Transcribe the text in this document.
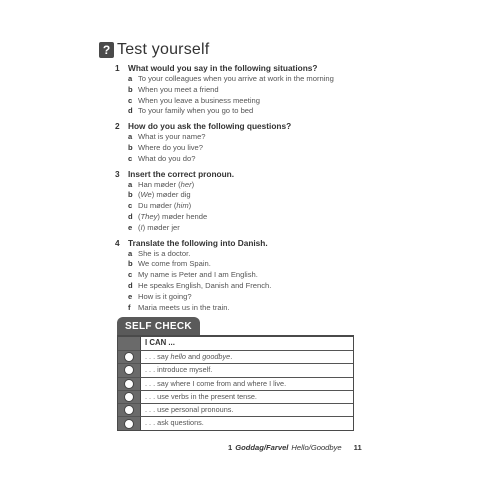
? Test yourself
1	What would you say in the following situations?
a To your colleagues when you arrive at work in the morning
b When you meet a friend
c When you leave a business meeting
d To your family when you go to bed
2	How do you ask the following questions?
a What is your name?
b Where do you live?
c What do you do?
3	Insert the correct pronoun.
a Han møder (her)
b (We) møder dig
c Du møder (him)
d (They) møder hende
e (I) møder jer
4	Translate the following into Danish.
a She is a doctor.
b We come from Spain.
c My name is Peter and I am English.
d He speaks English, Danish and French.
e How is it going?
f Maria meets us in the train.
SELF CHECK
I CAN ...
. . . say hello and goodbye.
. . . introduce myself.
. . . say where I come from and where I live.
. . . use verbs in the present tense.
. . . use personal pronouns.
. . . ask questions.
1 Goddag/Farvel Hello/Goodbye 11
